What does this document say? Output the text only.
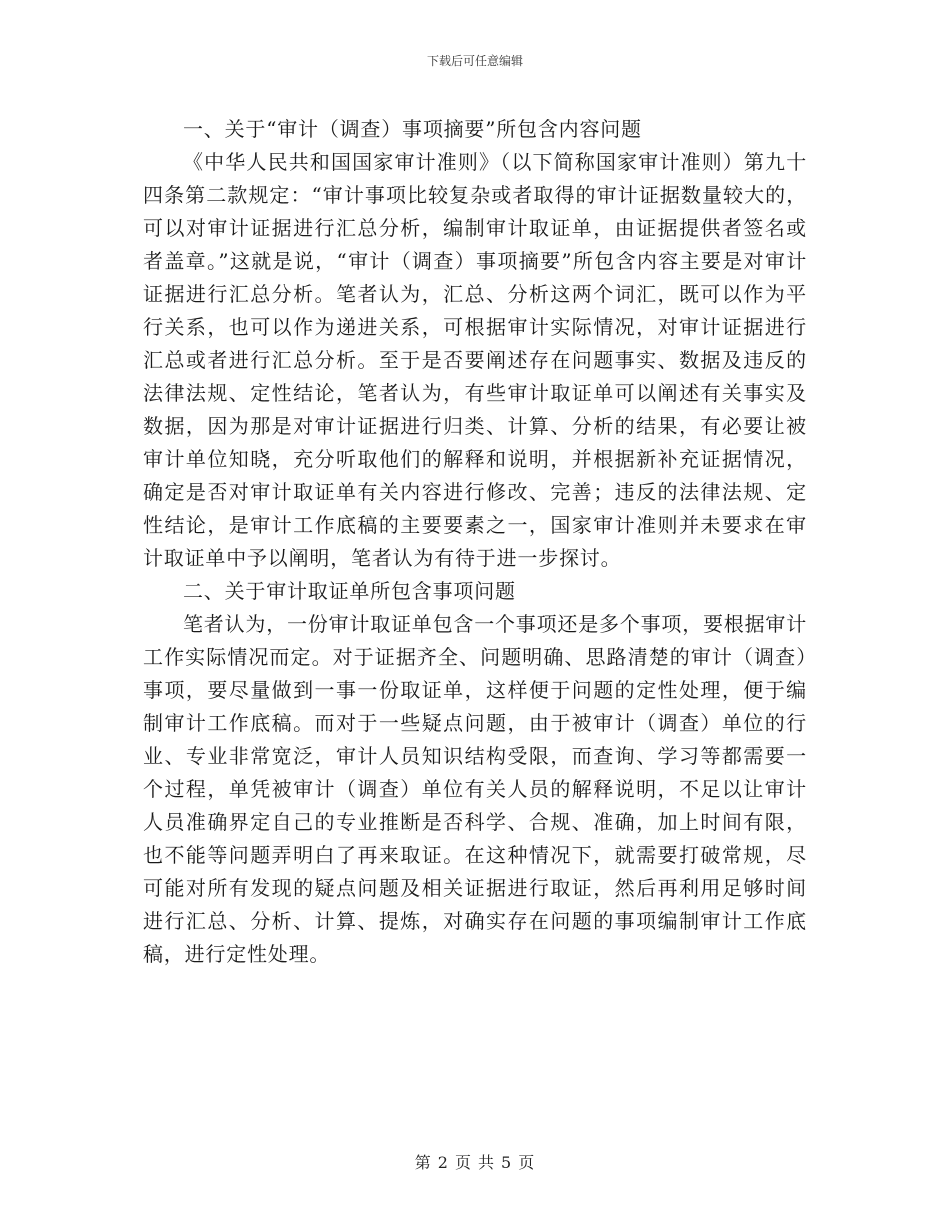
下载后可任意编辑

一、关于“审计（调查）事项摘要”所包含内容问题

《中华人民共和国国家审计准则》（以下简称国家审计准则）第九十四条第二款规定：“审计事项比较复杂或者取得的审计证据数量较大的，可以对审计证据进行汇总分析，编制审计取证单，由证据提供者签名或者盖章。”这就是说，“审计（调查）事项摘要”所包含内容主要是对审计证据进行汇总分析。笔者认为，汇总、分析这两个词汇，既可以作为平行关系，也可以作为递进关系，可根据审计实际情况，对审计证据进行汇总或者进行汇总分析。至于是否要阐述存在问题事实、数据及违反的法律法规、定性结论，笔者认为，有些审计取证单可以阐述有关事实及数据，因为那是对审计证据进行归类、计算、分析的结果，有必要让被审计单位知晓，充分听取他们的解释和说明，并根据新补充证据情况，确定是否对审计取证单有关内容进行修改、完善；违反的法律法规、定性结论，是审计工作底稿的主要要素之一，国家审计准则并未要求在审计取证单中予以阐明，笔者认为有待于进一步探讨。

二、关于审计取证单所包含事项问题

笔者认为，一份审计取证单包含一个事项还是多个事项，要根据审计工作实际情况而定。对于证据齐全、问题明确、思路清楚的审计（调查）事项，要尽量做到一事一份取证单，这样便于问题的定性处理，便于编制审计工作底稿。而对于一些疑点问题，由于被审计（调查）单位的行业、专业非常宽泛，审计人员知识结构受限，而查询、学习等都需要一个过程，单凭被审计（调查）单位有关人员的解释说明，不足以让审计人员准确界定自己的专业推断是否科学、合规、准确，加上时间有限，也不能等问题弄明白了再来取证。在这种情况下，就需要打破常规，尽可能对所有发现的疑点问题及相关证据进行取证，然后再利用足够时间进行汇总、分析、计算、提炼，对确实存在问题的事项编制审计工作底稿，进行定性处理。

第 2 页 共 5 页
